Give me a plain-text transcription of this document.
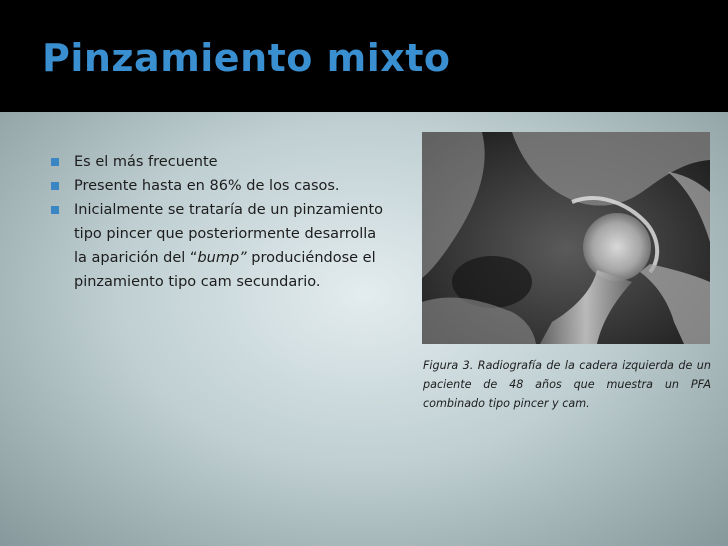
Pinzamiento mixto
Es el más frecuente
Presente hasta en 86% de los casos.
Inicialmente se trataría de un pinzamiento tipo pincer que posteriormente desarrolla la aparición del “bump” produciéndose el pinzamiento tipo cam secundario.
Figura 3. Radiografía de la cadera izquierda de un paciente de 48 años que muestra un PFA combinado tipo pincer y cam.
